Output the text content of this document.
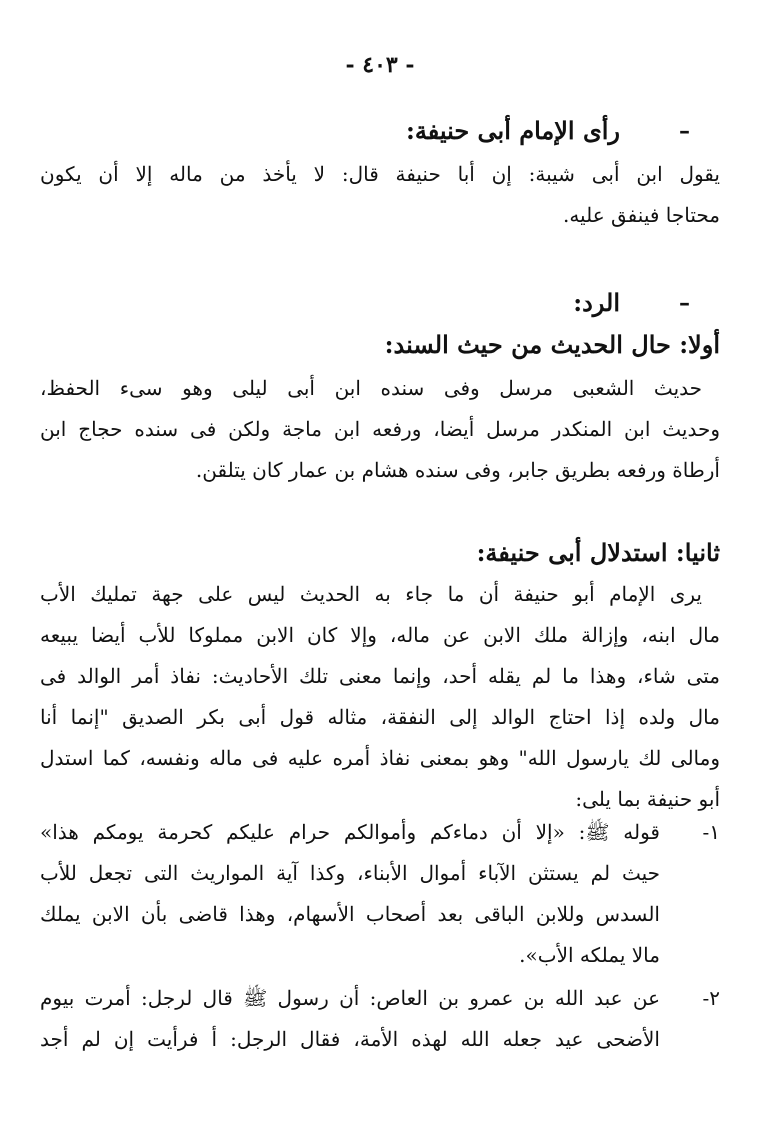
- ٤٠٣ -
–
رأى الإمام أبى حنيفة:
يقول ابن أبى شيبة: إن أبا حنيفة قال: لا يأخذ من ماله إلا أن يكون
محتاجا فينفق عليه.
–
الرد:
أولا: حال الحديث من حيث السند:
حديث الشعبى مرسل وفى سنده ابن أبى ليلى وهو سىء الحفظ،
وحديث ابن المنكدر مرسل أيضا، ورفعه ابن ماجة ولكن فى سنده حجاج ابن
أرطاة ورفعه بطريق جابر، وفى سنده هشام بن عمار كان يتلقن.
ثانيا: استدلال أبى حنيفة:
يرى الإمام أبو حنيفة أن ما جاء به الحديث ليس على جهة تمليك الأب
مال ابنه، وإزالة ملك الابن عن ماله، وإلا كان الابن مملوكا للأب أيضا يبيعه
متى شاء، وهذا ما لم يقله أحد، وإنما معنى تلك الأحاديث: نفاذ أمر الوالد فى
مال ولده إذا احتاج الوالد إلى النفقة، مثاله قول أبى بكر الصديق "إنما أنا
ومالى لك يارسول الله" وهو بمعنى نفاذ أمره عليه فى ماله ونفسه، كما استدل
أبو حنيفة بما يلى:
١-
قوله ﷺ: «إلا أن دماءكم وأموالكم حرام عليكم كحرمة يومكم هذا»
حيث لم يستثن الآباء أموال الأبناء، وكذا آية المواريث التى تجعل للأب
السدس وللابن الباقى بعد أصحاب الأسهام، وهذا قاضى بأن الابن يملك
مالا يملكه الأب».
٢-
عن عبد الله بن عمرو بن العاص: أن رسول ﷺ قال لرجل: أمرت بيوم
الأضحى عيد جعله الله لهذه الأمة، فقال الرجل: أ فرأيت إن لم أجد
